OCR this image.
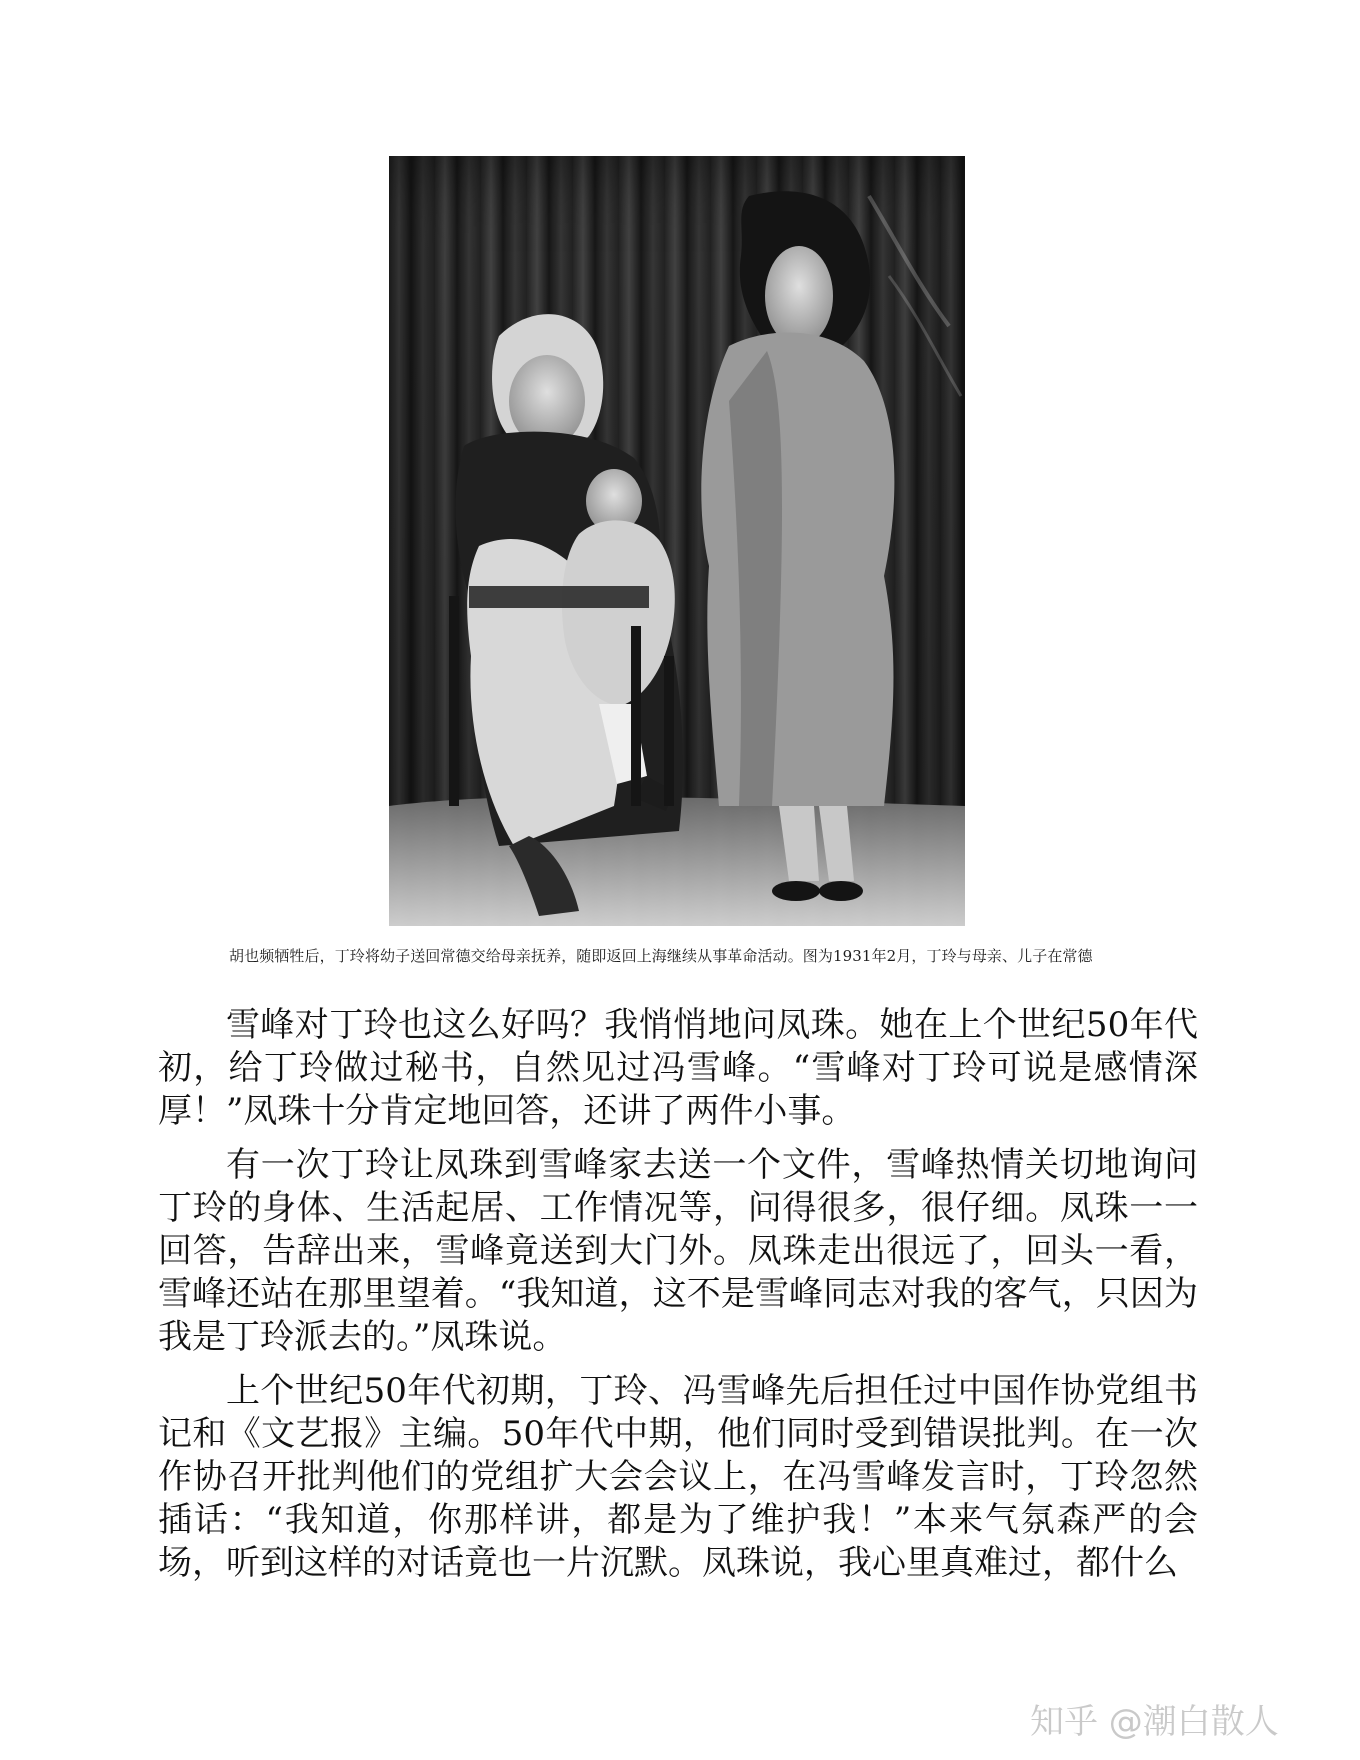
胡也频牺牲后，丁玲将幼子送回常德交给母亲抚养，随即返回上海继续从事革命活动。图为1931年2月，丁玲与母亲、儿子在常德

雪峰对丁玲也这么好吗？我悄悄地问凤珠。她在上个世纪50年代初，给丁玲做过秘书，自然见过冯雪峰。“雪峰对丁玲可说是感情深厚！”凤珠十分肯定地回答，还讲了两件小事。

有一次丁玲让凤珠到雪峰家去送一个文件，雪峰热情关切地询问丁玲的身体、生活起居、工作情况等，问得很多，很仔细。凤珠一一回答，告辞出来，雪峰竟送到大门外。凤珠走出很远了，回头一看，雪峰还站在那里望着。“我知道，这不是雪峰同志对我的客气，只因为我是丁玲派去的。”凤珠说。

上个世纪50年代初期，丁玲、冯雪峰先后担任过中国作协党组书记和《文艺报》主编。50年代中期，他们同时受到错误批判。在一次作协召开批判他们的党组扩大会会议上，在冯雪峰发言时，丁玲忽然插话：“我知道，你那样讲，都是为了维护我！”本来气氛森严的会场，听到这样的对话竟也一片沉默。凤珠说，我心里真难过，都什么

知乎 @潮白散人
